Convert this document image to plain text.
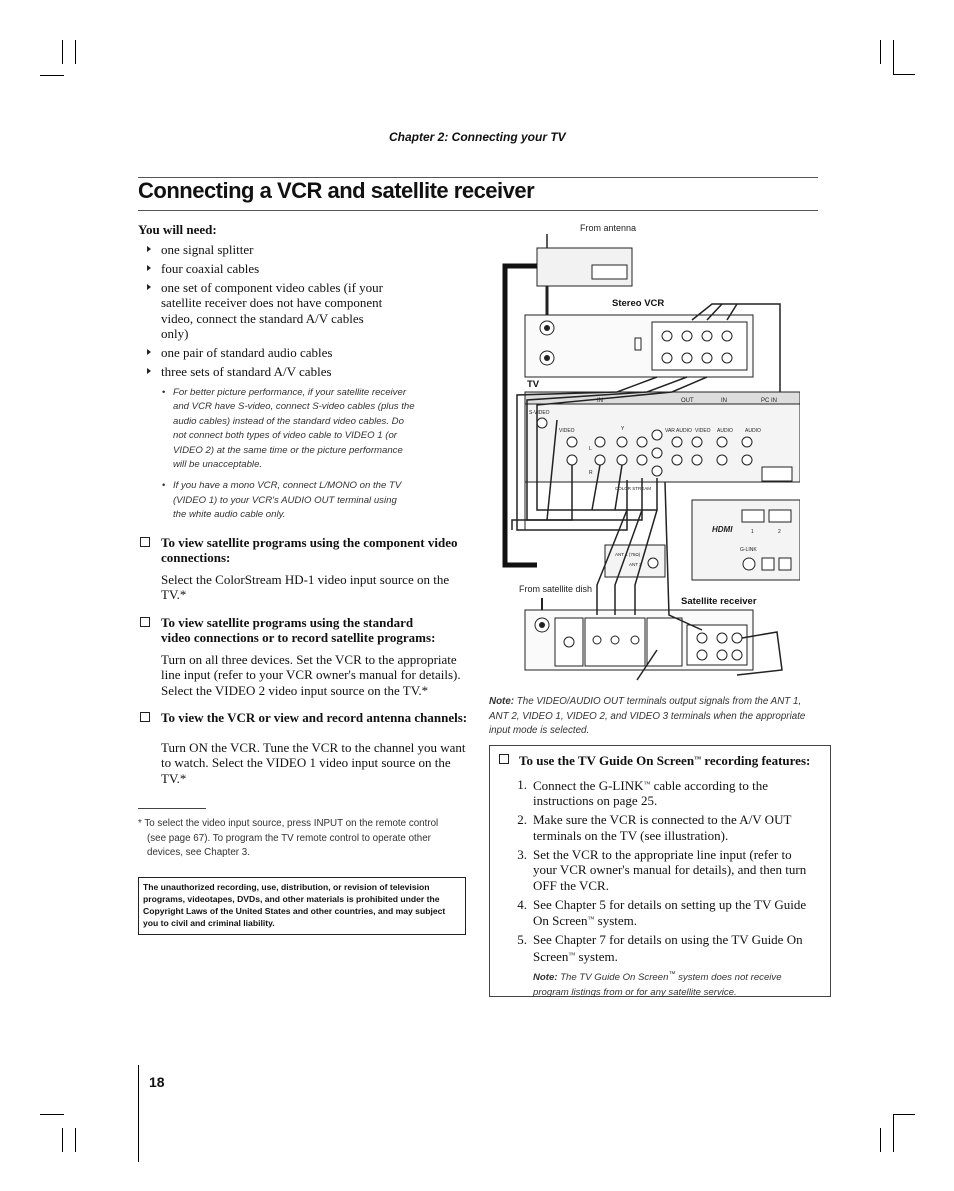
Chapter 2: Connecting your TV
Connecting a VCR and satellite receiver
You will need:
one signal splitter
four coaxial cables
one set of component video cables (if your satellite receiver does not have component video, connect the standard A/V cables only)
one pair of standard audio cables
three sets of standard A/V cables
• For better picture performance, if your satellite receiver and VCR have S-video, connect S-video cables (plus the audio cables) instead of the standard video cables. Do not connect both types of video cable to VIDEO 1 (or VIDEO 2) at the same time or the picture performance will be unacceptable.
• If you have a mono VCR, connect L/MONO on the TV (VIDEO 1) to your VCR's AUDIO OUT terminal using the white audio cable only.
To view satellite programs using the component video connections:
Select the ColorStream HD-1 video input source on the TV.*
To view satellite programs using the standard video connections or to record satellite programs:
Turn on all three devices. Set the VCR to the appropriate line input (refer to your VCR owner's manual for details). Select the VIDEO 2 video input source on the TV.*
To view the VCR or view and record antenna channels:
Turn ON the VCR. Tune the VCR to the channel you want to watch. Select the VIDEO 1 video input source on the TV.*
* To select the video input source, press INPUT on the remote control (see page 67). To program the TV remote control to operate other devices, see Chapter 3.
The unauthorized recording, use, distribution, or revision of television programs, videotapes, DVDs, and other materials is prohibited under the Copyright Laws of the United States and other countries, and may subject you to civil and criminal liability.
From antenna
Stereo VCR
TV
IN	OUT	IN	PC IN
S-VIDEO
VIDEO	VAR AUDIO VIDEO AUDIO AUDIO
COLOR STREAM
Y
L
R
HDMI	1	2
G-LINK
ANT 1 (75Ω)
ANT 2
From satellite dish
Satellite receiver
Note: The VIDEO/AUDIO OUT terminals output signals from the ANT 1, ANT 2, VIDEO 1, VIDEO 2, and VIDEO 3 terminals when the appropriate input mode is selected.
To use the TV Guide On Screen™ recording features:
1. Connect the G-LINK™ cable according to the instructions on page 25.
2. Make sure the VCR is connected to the A/V OUT terminals on the TV (see illustration).
3. Set the VCR to the appropriate line input (refer to your VCR owner's manual for details), and then turn OFF the VCR.
4. See Chapter 5 for details on setting up the TV Guide On Screen™ system.
5. See Chapter 7 for details on using the TV Guide On Screen™ system.
Note: The TV Guide On Screen™ system does not receive program listings from or for any satellite service.
18
